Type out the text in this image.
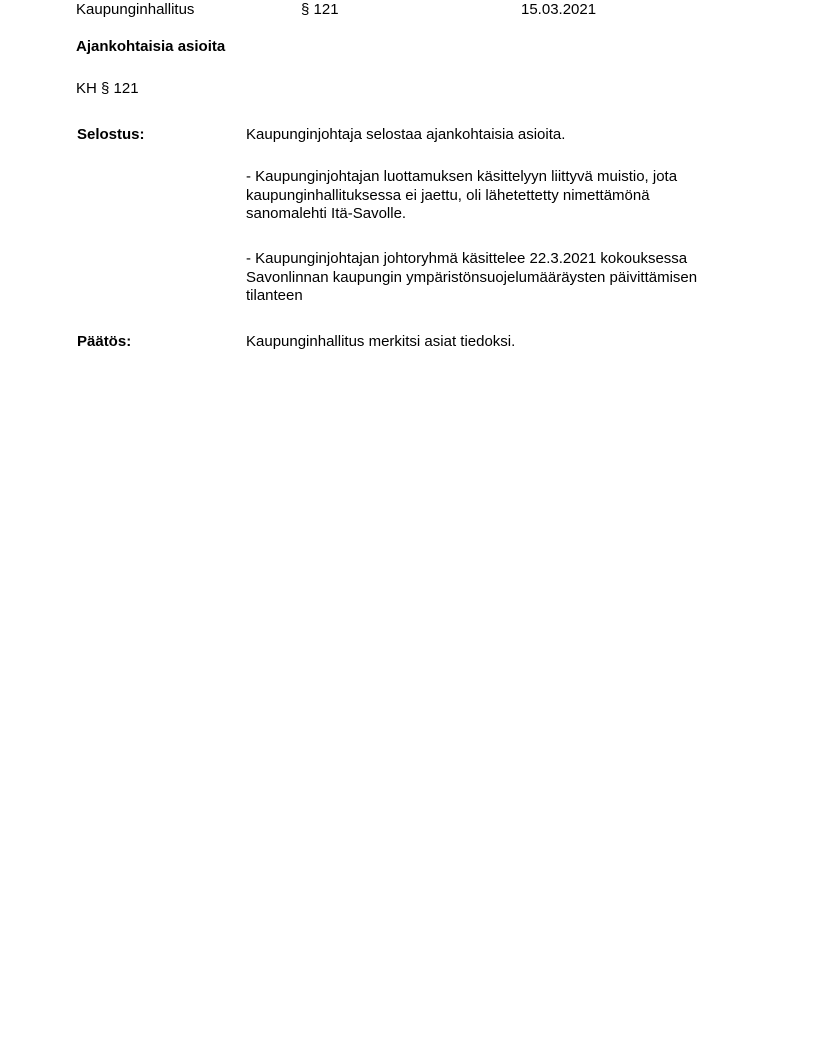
Kaupunginhallitus	§ 121	15.03.2021
Ajankohtaisia asioita
KH § 121
Selostus:	Kaupunginjohtaja selostaa ajankohtaisia asioita.
- Kaupunginjohtajan luottamuksen käsittelyyn liittyvä muistio, jota
kaupunginhallituksessa ei jaettu, oli lähetettetty nimettämönä
sanomalehti Itä-Savolle.
- Kaupunginjohtajan johtoryhmä käsittelee 22.3.2021 kokouksessa
Savonlinnan kaupungin ympäristönsuojelumääräysten päivittämisen
tilanteen
Päätös:	Kaupunginhallitus merkitsi asiat tiedoksi.
